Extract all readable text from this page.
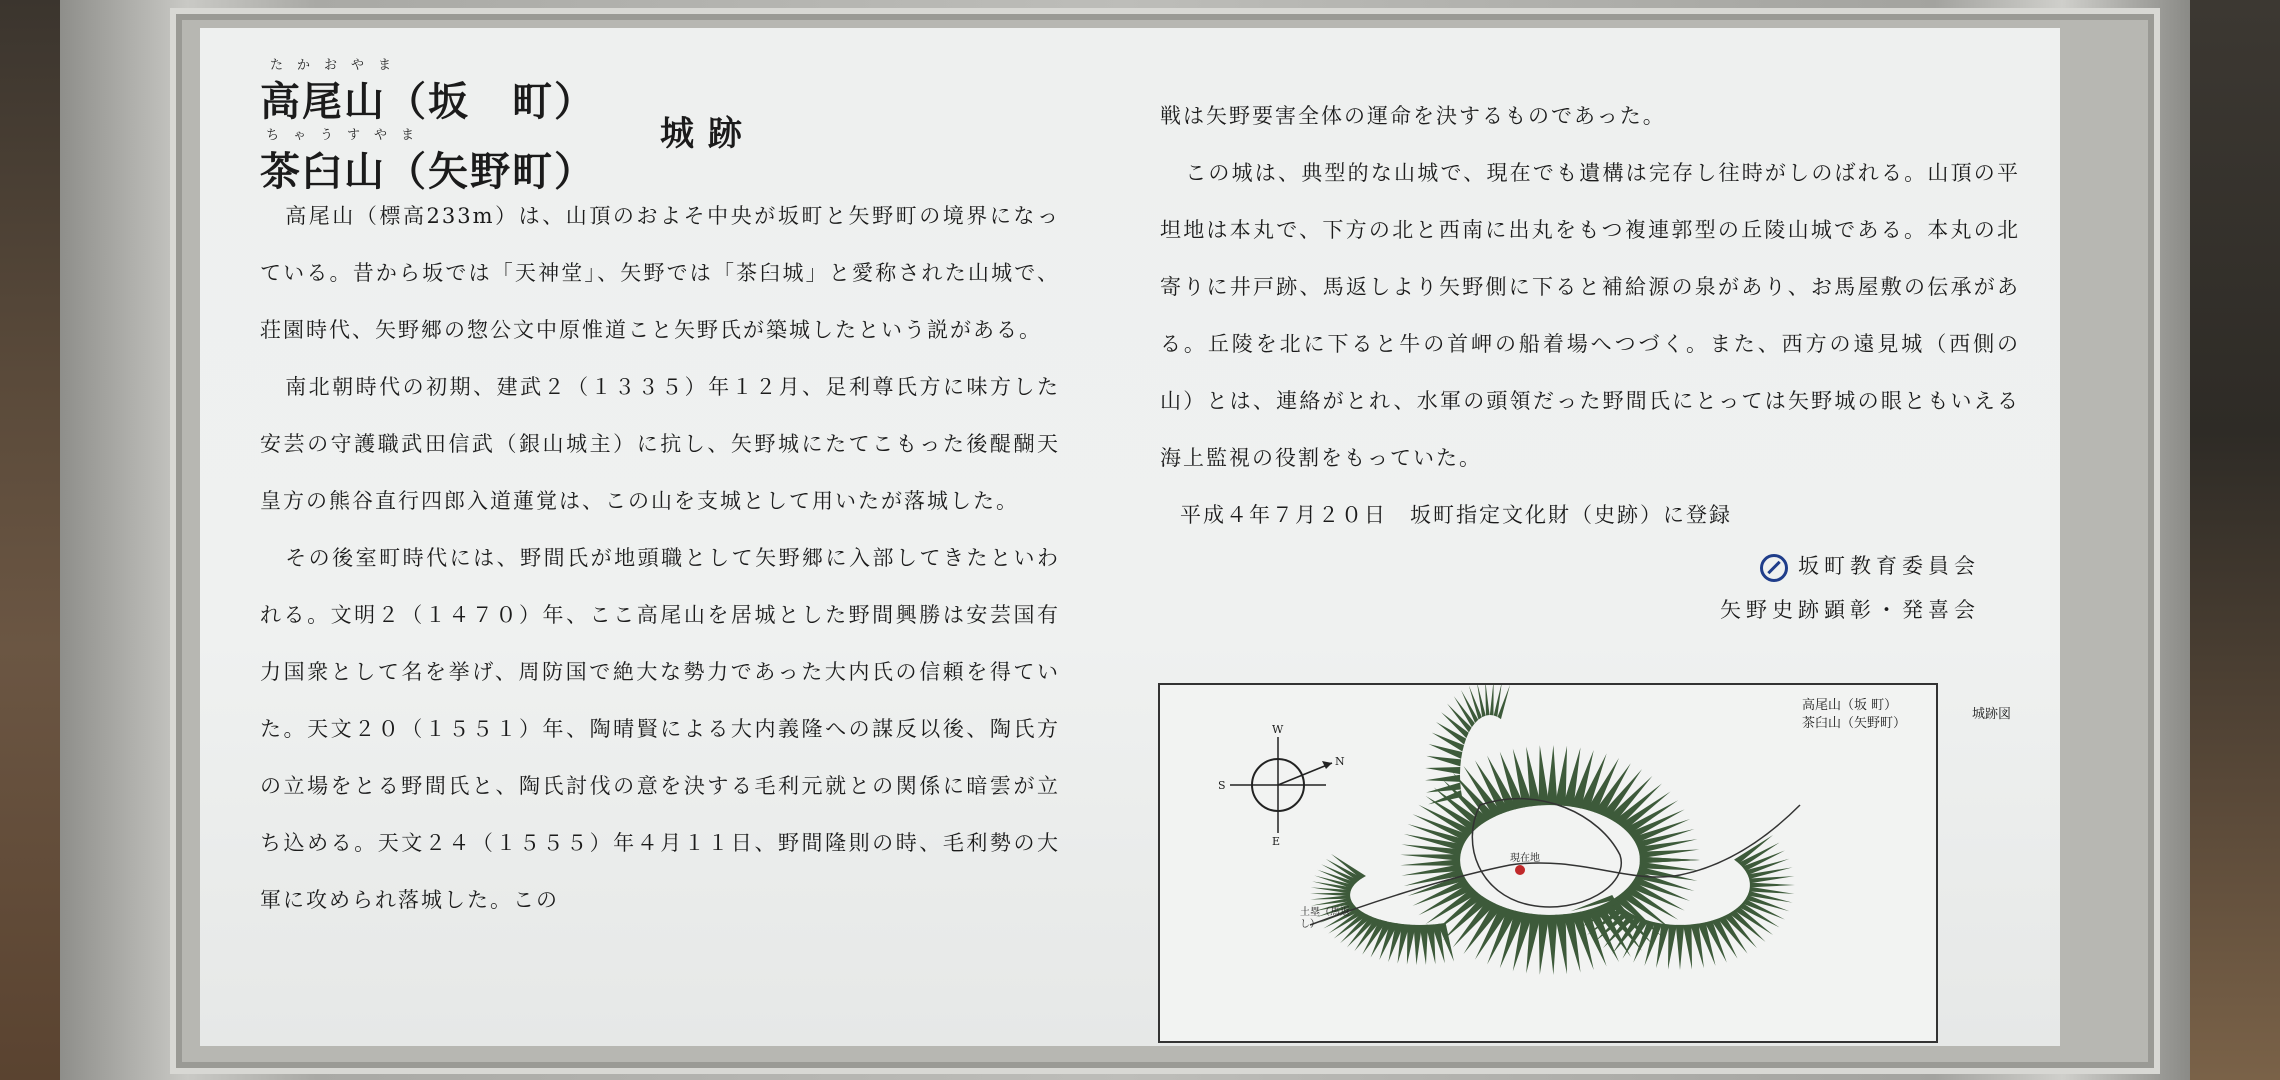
たかおやま
高尾山（坂　町）
ちゃうすやま
茶臼山（矢野町）
城跡

高尾山（標高233m）は、山頂のおよそ中央が坂町と矢野町の境界になっている。昔から坂では「天神堂」、矢野では「茶臼城」と愛称された山城で、荘園時代、矢野郷の惣公文中原惟道こと矢野氏が築城したという説がある。

南北朝時代の初期、建武２（１３３５）年１２月、足利尊氏方に味方した安芸の守護職武田信武（銀山城主）に抗し、矢野城にたてこもった後醍醐天皇方の熊谷直行四郎入道蓮覚は、この山を支城として用いたが落城した。

その後室町時代には、野間氏が地頭職として矢野郷に入部してきたといわれる。文明２（１４７０）年、ここ高尾山を居城とした野間興勝は安芸国有力国衆として名を挙げ、周防国で絶大な勢力であった大内氏の信頼を得ていた。天文２０（１５５１）年、陶晴賢による大内義隆への謀反以後、陶氏方の立場をとる野間氏と、陶氏討伐の意を決する毛利元就との関係に暗雲が立ち込める。天文２４（１５５５）年４月１１日、野間隆則の時、毛利勢の大軍に攻められ落城した。この

戦は矢野要害全体の運命を決するものであった。

この城は、典型的な山城で、現在でも遺構は完存し往時がしのばれる。山頂の平坦地は本丸で、下方の北と西南に出丸をもつ複連郭型の丘陵山城である。本丸の北寄りに井戸跡、馬返しより矢野側に下ると補給源の泉があり、お馬屋敷の伝承がある。丘陵を北に下ると牛の首岬の船着場へつづく。また、西方の遠見城（西側の山）とは、連絡がとれ、水軍の頭領だった野間氏にとっては矢野城の眼ともいえる海上監視の役割をもっていた。

平成４年７月２０日　坂町指定文化財（史跡）に登録
坂町教育委員会
矢野史跡顕彰・発喜会
高尾山（坂 町）
茶臼山（矢野町）
城跡図
現在地
土塁（馬返し）
N
S
W
E
